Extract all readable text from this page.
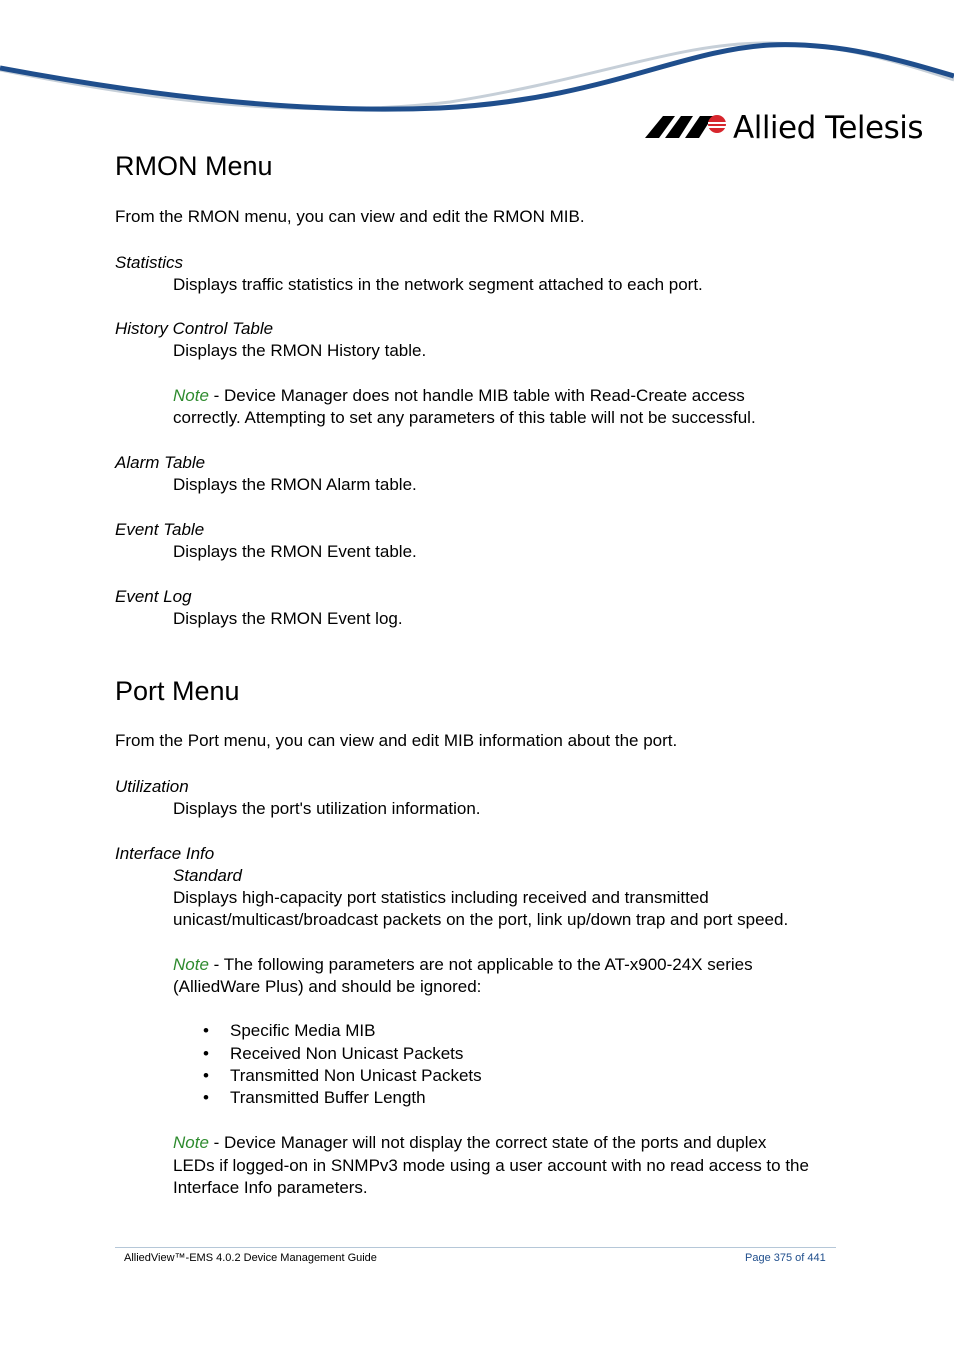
Allied Telesis
RMON Menu
From the RMON menu, you can view and edit the RMON MIB.
Statistics
Displays traffic statistics in the network segment attached to each port.
History Control Table
Displays the RMON History table.
Note - Device Manager does not handle MIB table with Read-Create access
correctly. Attempting to set any parameters of this table will not be successful.
Alarm Table
Displays the RMON Alarm table.
Event Table
Displays the RMON Event table.
Event Log
Displays the RMON Event log.
Port Menu
From the Port menu, you can view and edit MIB information about the port.
Utilization
Displays the port's utilization information.
Interface Info
Standard
Displays high-capacity port statistics including received and transmitted
unicast/multicast/broadcast packets on the port, link up/down trap and port speed.
Note - The following parameters are not applicable to the AT-x900-24X series
(AlliedWare Plus) and should be ignored:
• Specific Media MIB
• Received Non Unicast Packets
• Transmitted Non Unicast Packets
• Transmitted Buffer Length
Note - Device Manager will not display the correct state of the ports and duplex
LEDs if logged-on in SNMPv3 mode using a user account with no read access to the
Interface Info parameters.
AlliedView™-EMS 4.0.2 Device Management Guide	Page 375 of 441
